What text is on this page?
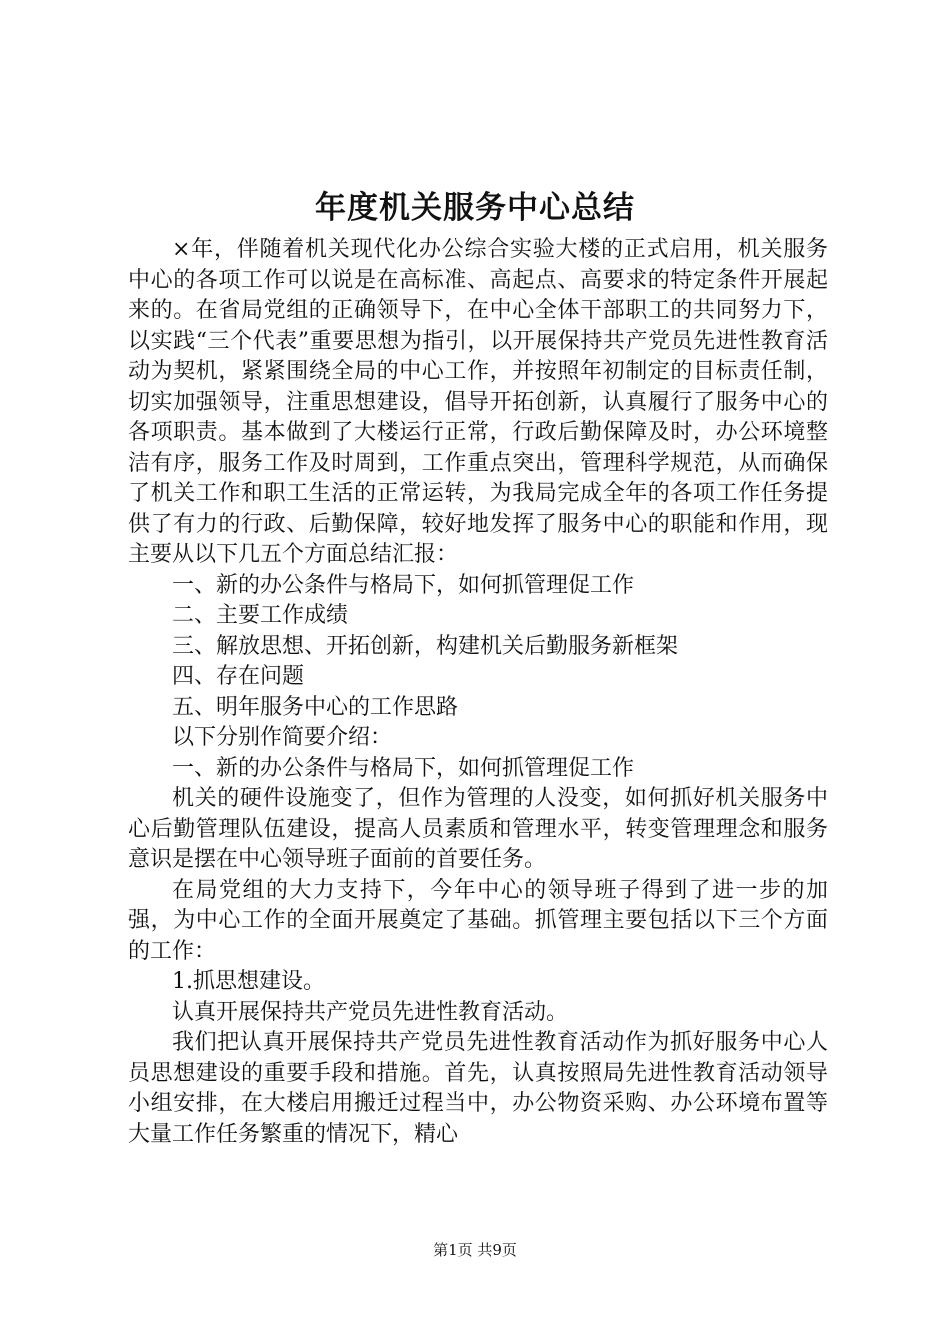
年度机关服务中心总结

×年，伴随着机关现代化办公综合实验大楼的正式启用，机关服务中心的各项工作可以说是在高标准、高起点、高要求的特定条件开展起来的。在省局党组的正确领导下，在中心全体干部职工的共同努力下，以实践“三个代表”重要思想为指引，以开展保持共产党员先进性教育活动为契机，紧紧围绕全局的中心工作，并按照年初制定的目标责任制，切实加强领导，注重思想建设，倡导开拓创新，认真履行了服务中心的各项职责。基本做到了大楼运行正常，行政后勤保障及时，办公环境整洁有序，服务工作及时周到，工作重点突出，管理科学规范，从而确保了机关工作和职工生活的正常运转，为我局完成全年的各项工作任务提供了有力的行政、后勤保障，较好地发挥了服务中心的职能和作用，现主要从以下几五个方面总结汇报：

一、新的办公条件与格局下，如何抓管理促工作

二、主要工作成绩

三、解放思想、开拓创新，构建机关后勤服务新框架

四、存在问题

五、明年服务中心的工作思路

以下分别作简要介绍：

一、新的办公条件与格局下，如何抓管理促工作

机关的硬件设施变了，但作为管理的人没变，如何抓好机关服务中心后勤管理队伍建设，提高人员素质和管理水平，转变管理理念和服务意识是摆在中心领导班子面前的首要任务。

在局党组的大力支持下，今年中心的领导班子得到了进一步的加强，为中心工作的全面开展奠定了基础。抓管理主要包括以下三个方面的工作：

1.抓思想建设。

认真开展保持共产党员先进性教育活动。

我们把认真开展保持共产党员先进性教育活动作为抓好服务中心人员思想建设的重要手段和措施。首先，认真按照局先进性教育活动领导小组安排，在大楼启用搬迁过程当中，办公物资采购、办公环境布置等大量工作任务繁重的情况下，精心

第1页 共9页
